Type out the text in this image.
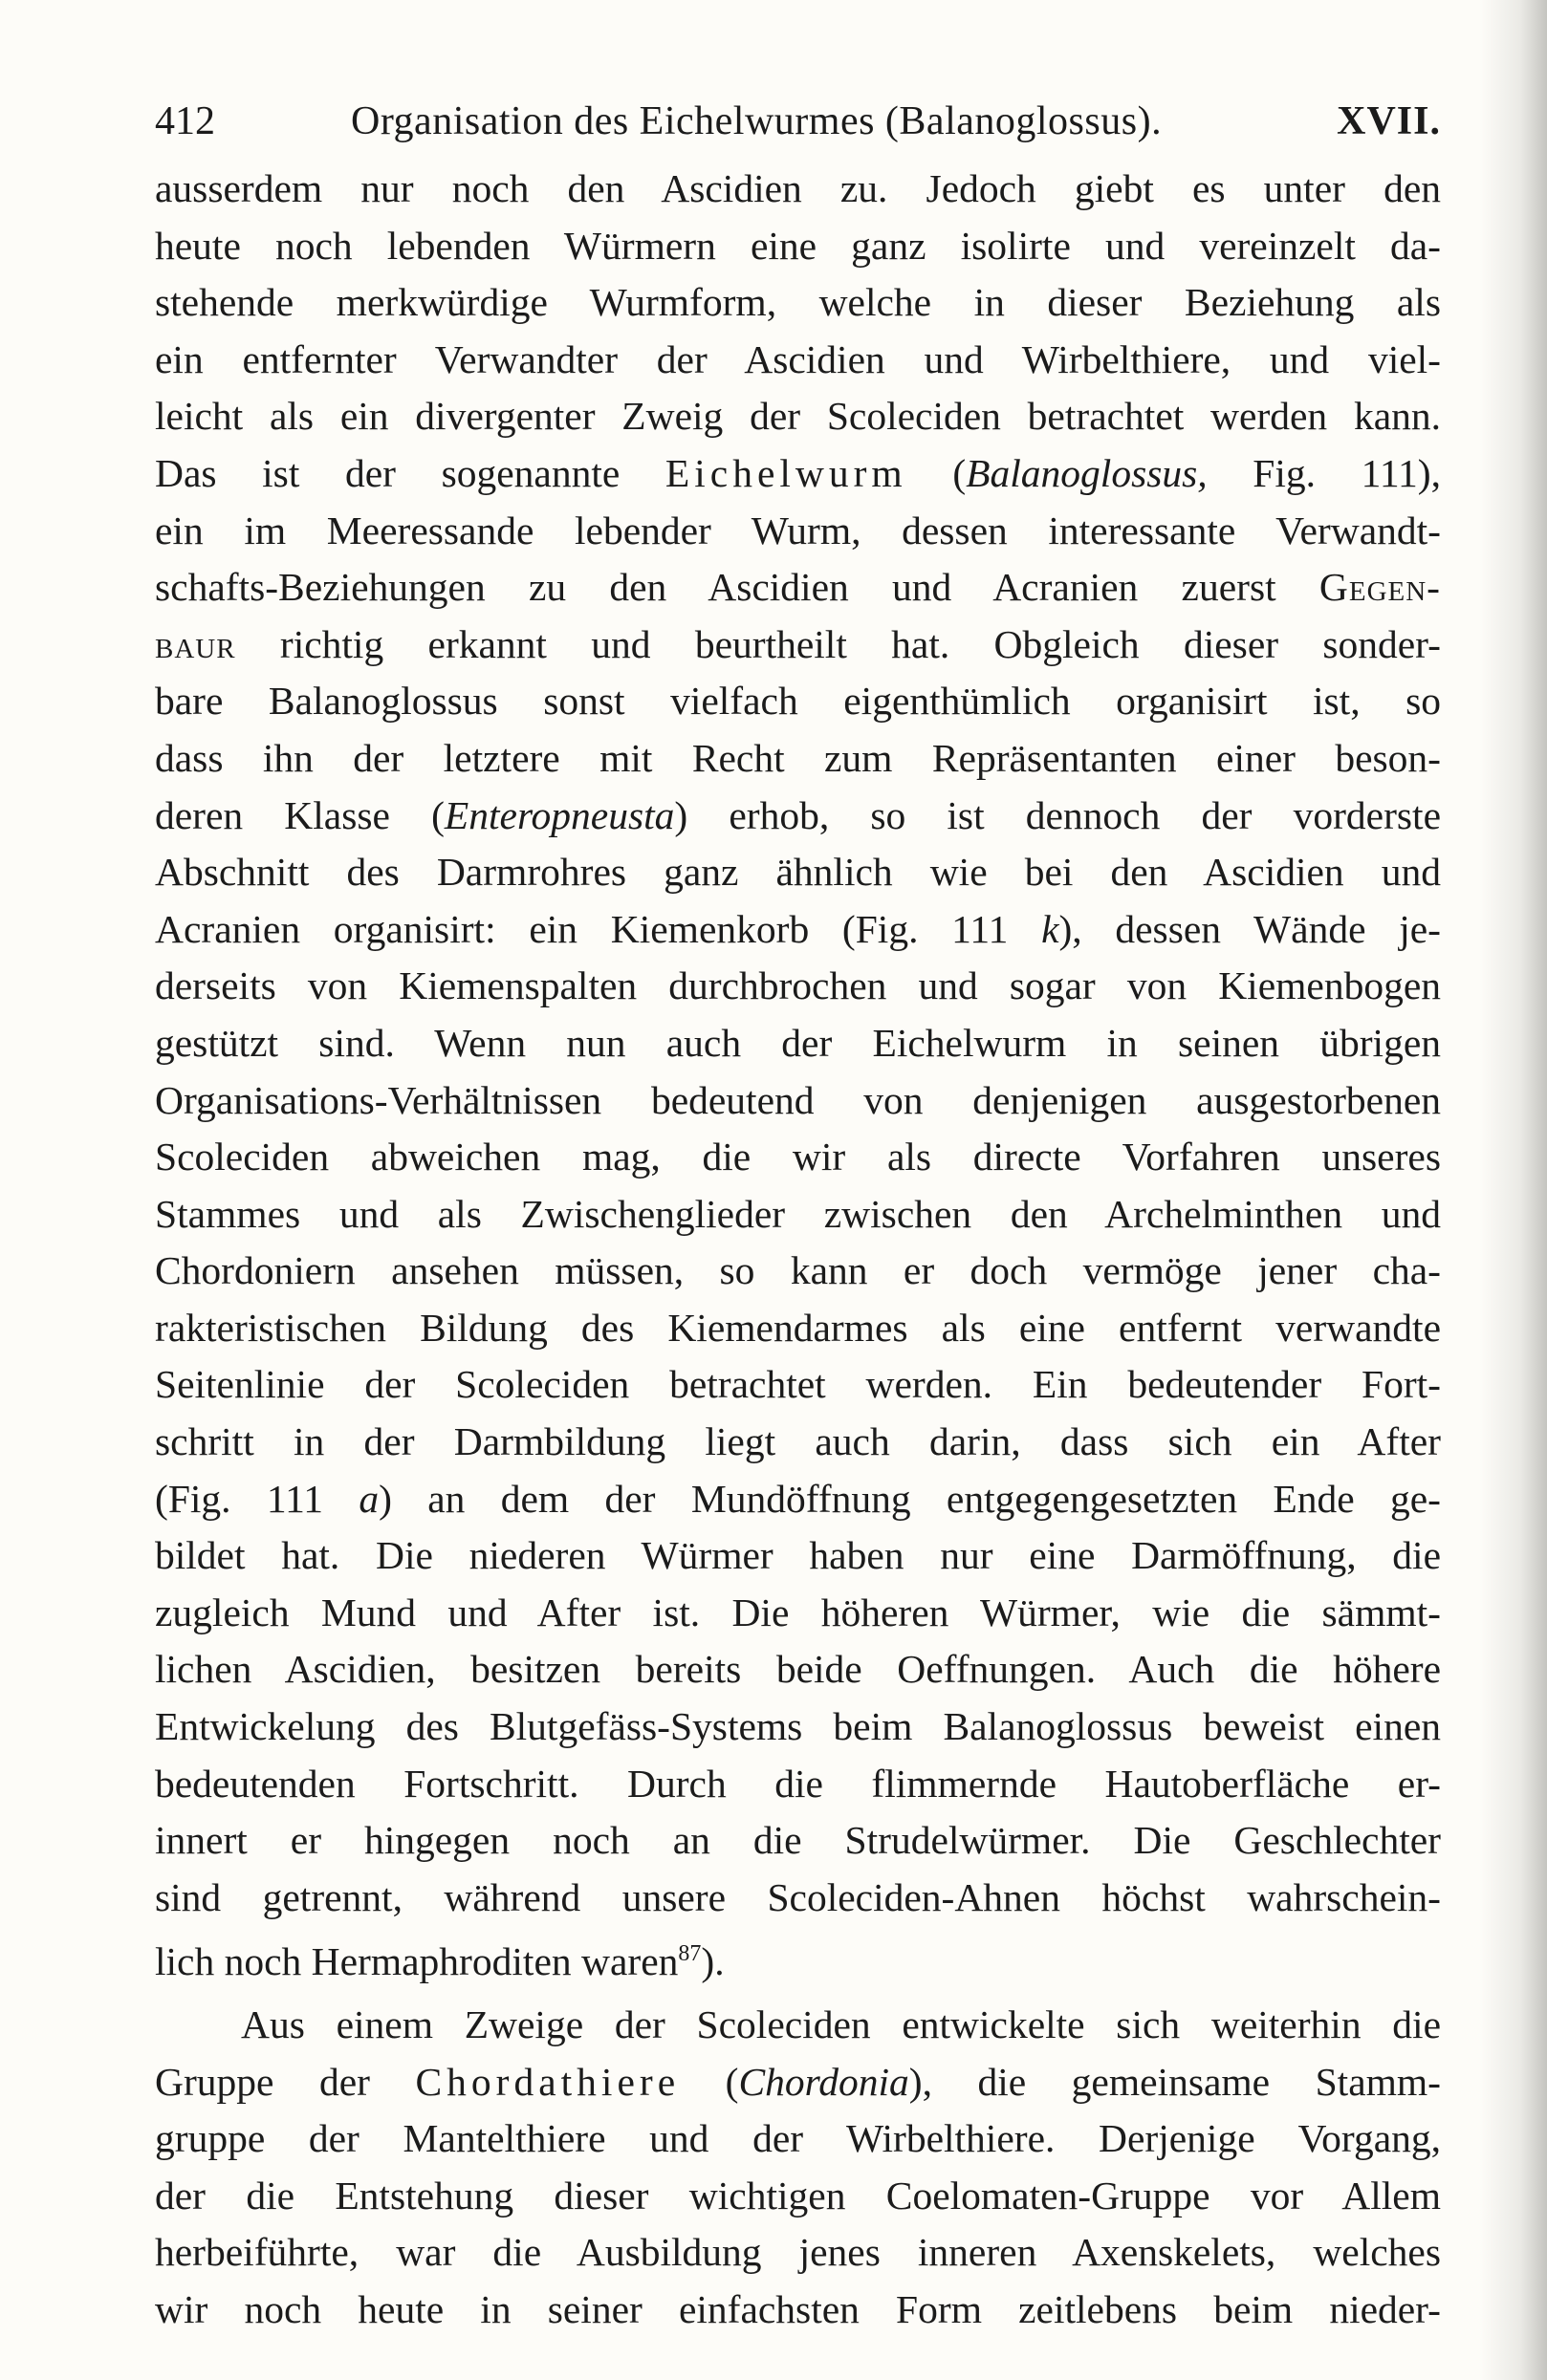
412	Organisation des Eichelwurmes (Balanoglossus).	XVII.
ausserdem nur noch den Ascidien zu. Jedoch giebt es unter den
heute noch lebenden Würmern eine ganz isolirte und vereinzelt da-
stehende merkwürdige Wurmform, welche in dieser Beziehung als
ein entfernter Verwandter der Ascidien und Wirbelthiere, und viel-
leicht als ein divergenter Zweig der Scoleciden betrachtet werden kann.
Das ist der sogenannte Eichelwurm (Balanoglossus, Fig. 111),
ein im Meeressande lebender Wurm, dessen interessante Verwandt-
schafts-Beziehungen zu den Ascidien und Acranien zuerst Gegen-
baur richtig erkannt und beurtheilt hat. Obgleich dieser sonder-
bare Balanoglossus sonst vielfach eigenthümlich organisirt ist, so
dass ihn der letztere mit Recht zum Repräsentanten einer beson-
deren Klasse (Enteropneusta) erhob, so ist dennoch der vorderste
Abschnitt des Darmrohres ganz ähnlich wie bei den Ascidien und
Acranien organisirt: ein Kiemenkorb (Fig. 111 k), dessen Wände je-
derseits von Kiemenspalten durchbrochen und sogar von Kiemenbogen
gestützt sind. Wenn nun auch der Eichelwurm in seinen übrigen
Organisations-Verhältnissen bedeutend von denjenigen ausgestorbenen
Scoleciden abweichen mag, die wir als directe Vorfahren unseres
Stammes und als Zwischenglieder zwischen den Archelminthen und
Chordoniern ansehen müssen, so kann er doch vermöge jener cha-
rakteristischen Bildung des Kiemendarmes als eine entfernt verwandte
Seitenlinie der Scoleciden betrachtet werden. Ein bedeutender Fort-
schritt in der Darmbildung liegt auch darin, dass sich ein After
(Fig. 111 a) an dem der Mundöffnung entgegengesetzten Ende ge-
bildet hat. Die niederen Würmer haben nur eine Darmöffnung, die
zugleich Mund und After ist. Die höheren Würmer, wie die sämmt-
lichen Ascidien, besitzen bereits beide Oeffnungen. Auch die höhere
Entwickelung des Blutgefäss-Systems beim Balanoglossus beweist einen
bedeutenden Fortschritt. Durch die flimmernde Hautoberfläche er-
innert er hingegen noch an die Strudelwürmer. Die Geschlechter
sind getrennt, während unsere Scoleciden-Ahnen höchst wahrschein-
lich noch Hermaphroditen waren$^{87}$).
Aus einem Zweige der Scoleciden entwickelte sich weiterhin die
Gruppe der Chordathiere (Chordonia), die gemeinsame Stamm-
gruppe der Mantelthiere und der Wirbelthiere. Derjenige Vorgang,
der die Entstehung dieser wichtigen Coelomaten-Gruppe vor Allem
herbeiführte, war die Ausbildung jenes inneren Axenskelets, welches
wir noch heute in seiner einfachsten Form zeitlebens beim nieder-
